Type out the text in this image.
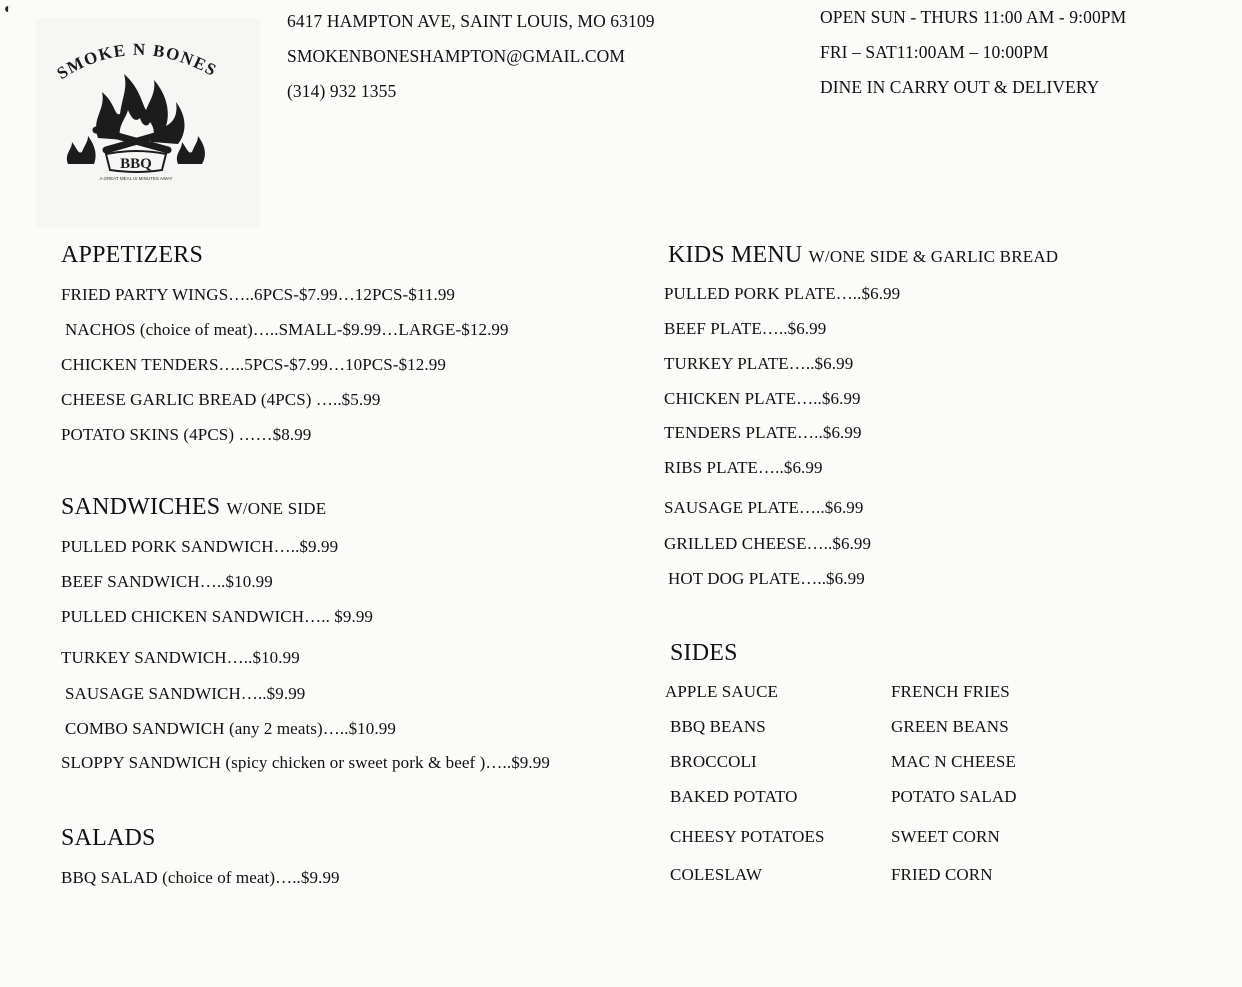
◐
SMOKE N BONES
BBQ
A GREAT MEAL IS MINUTES AWAY
6417 HAMPTON AVE, SAINT LOUIS, MO 63109
SMOKENBONESHAMPTON@GMAIL.COM
(314) 932 1355
OPEN SUN - THURS 11:00 AM - 9:00PM
FRI – SAT11:00AM – 10:00PM
DINE IN CARRY OUT & DELIVERY
APPETIZERS
FRIED PARTY WINGS…..6PCS-$7.99…12PCS-$11.99
NACHOS (choice of meat)…..SMALL-$9.99…LARGE-$12.99
CHICKEN TENDERS…..5PCS-$7.99…10PCS-$12.99
CHEESE GARLIC BREAD (4PCS) …..$5.99
POTATO SKINS (4PCS) ……$8.99
SANDWICHES W/ONE SIDE
PULLED PORK SANDWICH…..$9.99
BEEF SANDWICH…..$10.99
PULLED CHICKEN SANDWICH….. $9.99
TURKEY SANDWICH…..$10.99
SAUSAGE SANDWICH…..$9.99
COMBO SANDWICH (any 2 meats)…..$10.99
SLOPPY SANDWICH (spicy chicken or sweet pork & beef )…..$9.99
SALADS
BBQ SALAD (choice of meat)…..$9.99
KIDS MENU W/ONE SIDE & GARLIC BREAD
PULLED PORK PLATE…..$6.99
BEEF PLATE…..$6.99
TURKEY PLATE…..$6.99
CHICKEN PLATE…..$6.99
TENDERS PLATE…..$6.99
RIBS PLATE…..$6.99
SAUSAGE PLATE…..$6.99
GRILLED CHEESE…..$6.99
HOT DOG PLATE…..$6.99
SIDES
APPLE SAUCE
BBQ BEANS
BROCCOLI
BAKED POTATO
CHEESY POTATOES
COLESLAW
FRENCH FRIES
GREEN BEANS
MAC N CHEESE
POTATO SALAD
SWEET CORN
FRIED CORN
